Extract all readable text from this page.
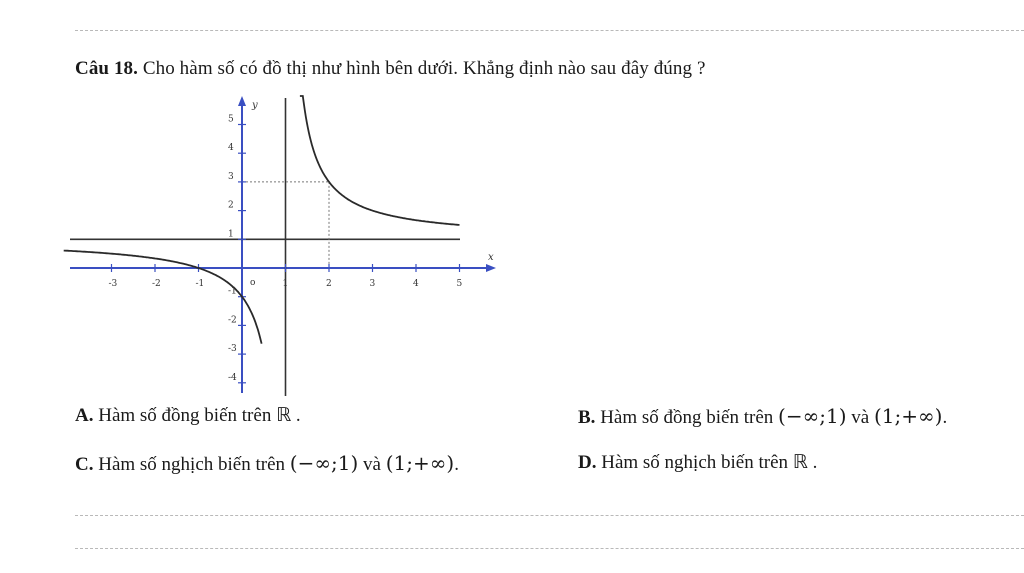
Câu 18. Cho hàm số có đồ thị như hình bên dưới. Khẳng định nào sau đây đúng ?
-3	-2	-1	1	2	3	4	5
5
4
3
2
1
-1
-2
-3
-4
o
x
y
A. Hàm số đồng biến trên ℝ .	B. Hàm số đồng biến trên (−∞;1) và (1;+∞).
C. Hàm số nghịch biến trên (−∞;1) và (1;+∞).	D. Hàm số nghịch biến trên ℝ .
